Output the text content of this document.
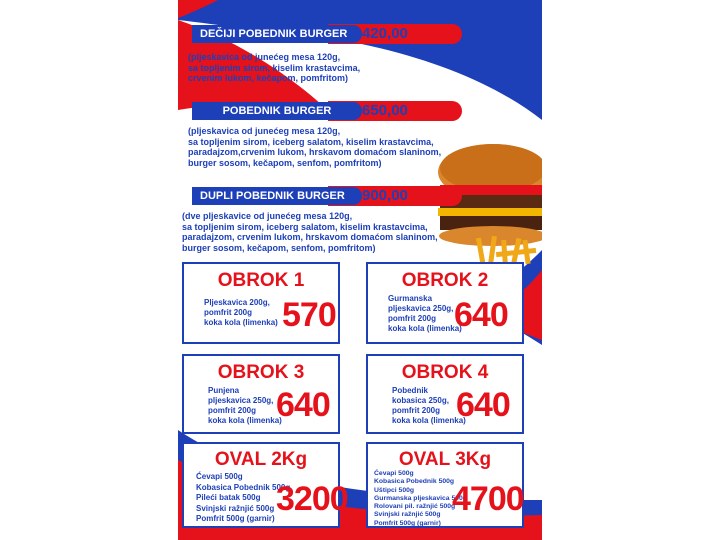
420,00
DEČIJI POBEDNIK BURGER
(pljeskavica od junećeg mesa 120g,
sa topljenim sirom, kiselim krastavcima,
crvenim lukom, kečapom, pomfritom)
650,00
POBEDNIK BURGER
(pljeskavica od junećeg mesa 120g,
sa topljenim sirom, iceberg salatom, kiselim krastavcima,
paradajzom,crvenim lukom, hrskavom domaćom slaninom,
burger sosom, kečapom, senfom, pomfritom)
900,00
DUPLI POBEDNIK BURGER
(dve pljeskavice od junećeg mesa 120g,
sa topljenim sirom, iceberg salatom, kiselim krastavcima,
paradajzom, crvenim lukom, hrskavom domaćom slaninom,
burger sosom, kečapom, senfom, pomfritom)
OBROK 1
Pljeskavica 200g,
pomfrit 200g
koka kola (limenka) 570
OBROK 2
Gurmanska
pljeskavica 250g,
pomfrit 200g
koka kola (limenka)
640
OBROK 3
Punjena
pljeskavica 250g,
pomfrit 200g
koka kola (limenka)
640
OBROK 4
Pobednik
kobasica 250g,
pomfrit 200g
koka kola (limenka)
640
OVAL 2Kg
Ćevapi 500g
Kobasica Pobednik 500g
Pileći batak 500g
Svinjski ražnjić 500g
Pomfrit 500g (garnir)
3200
OVAL 3Kg
Ćevapi 500g
Kobasica Pobednik 500g
Uštipci 500g
Gurmanska pljeskavica 500g
Rolovani pil. ražnjić 500g
Svinjski ražnjić 500g
Pomfrit 500g (garnir)
4700
